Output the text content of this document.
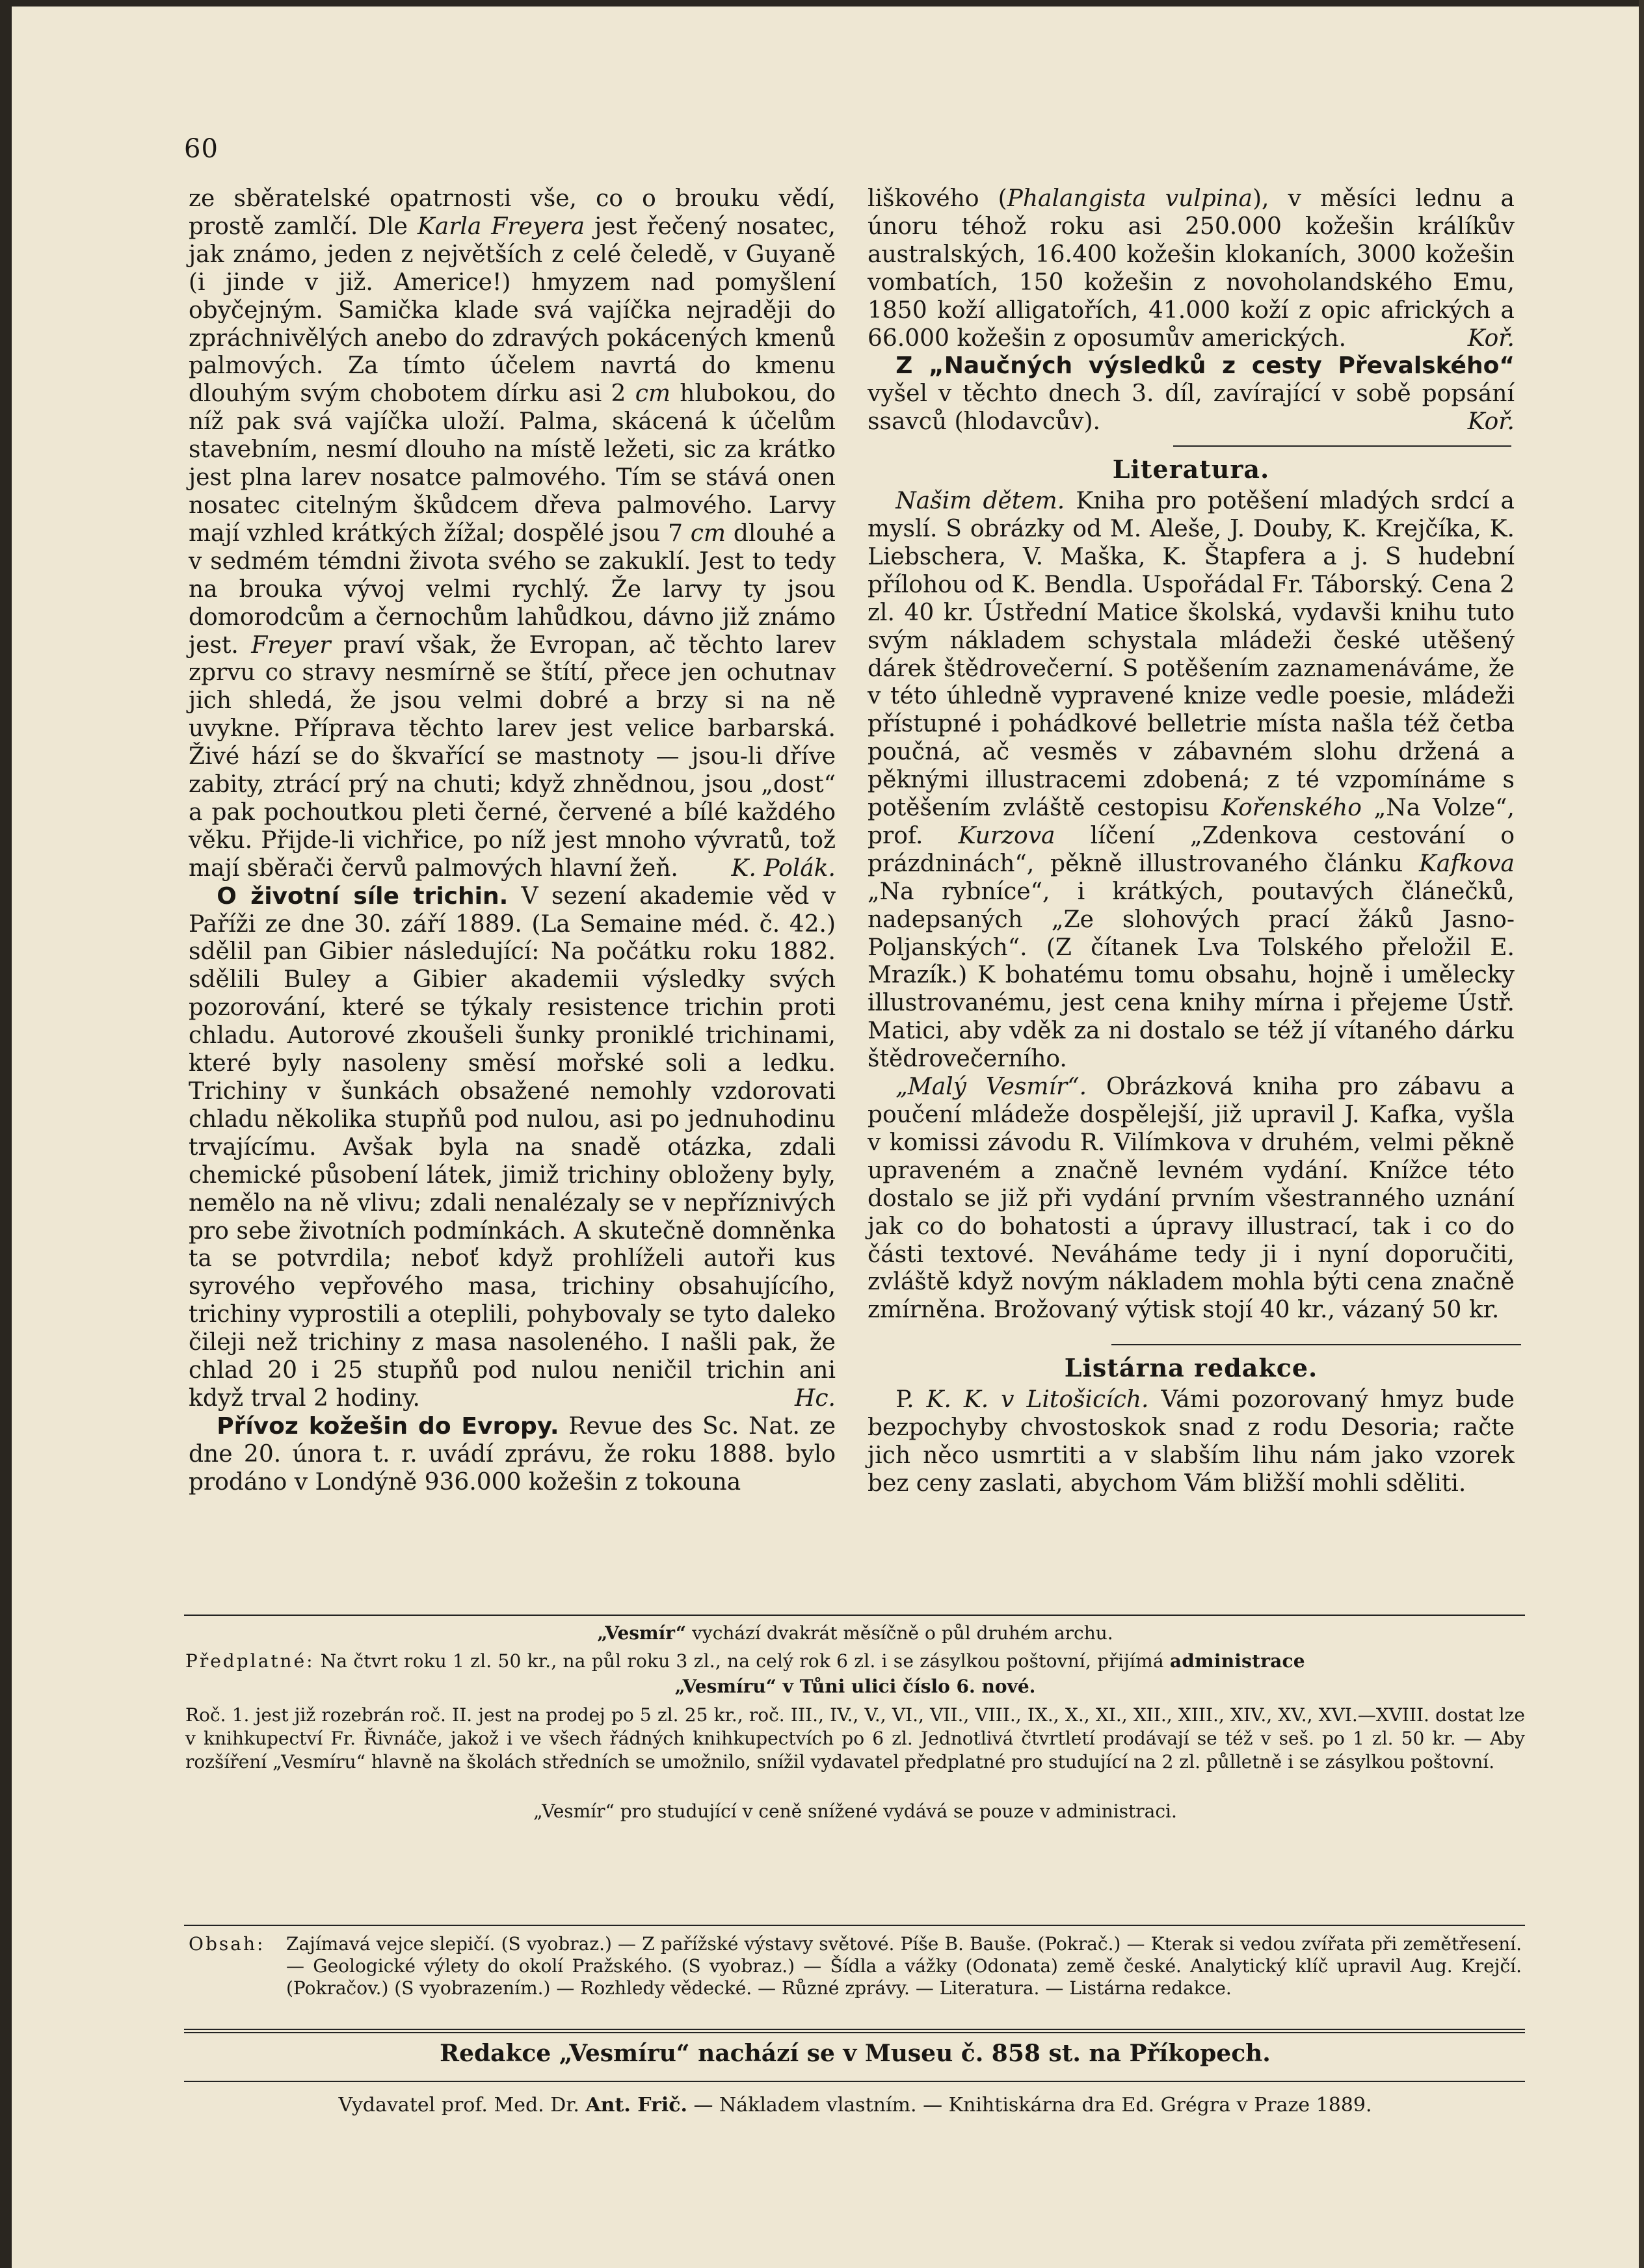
60

ze sběratelské opatrnosti vše, co o brouku vědí, prostě zamlčí. Dle Karla Freyera jest řečený nosatec, jak známo, jeden z největších z celé čeledě, v Guyaně (i jinde v již. Americe!) hmyzem nad pomyšlení obyčejným. Samička klade svá vajíčka nejraději do zpráchnivělých anebo do zdravých pokácených kmenů palmových. Za tímto účelem navrtá do kmenu dlouhým svým chobotem dírku asi 2 cm hlubokou, do níž pak svá vajíčka uloží. Palma, skácená k účelům stavebním, nesmí dlouho na místě ležeti, sic za krátko jest plna larev nosatce palmového. Tím se stává onen nosatec citelným škůdcem dřeva palmového. Larvy mají vzhled krátkých žížal; dospělé jsou 7 cm dlouhé a v sedmém témdni života svého se zakuklí. Jest to tedy na brouka vývoj velmi rychlý. Že larvy ty jsou domorodcům a černochům lahůdkou, dávno již známo jest. Freyer praví však, že Evropan, ač těchto larev zprvu co stravy nesmírně se štítí, přece jen ochutnav jich shledá, že jsou velmi dobré a brzy si na ně uvykne. Příprava těchto larev jest velice barbarská. Živé hází se do škvařící se mastnoty — jsou-li dříve zabity, ztrácí prý na chuti; když zhnědnou, jsou „dost“ a pak pochoutkou pleti černé, červené a bílé každého věku. Přijde-li vichřice, po níž jest mnoho vývratů, tož mají sběrači červů palmových hlavní žeň. K. Polák.

O životní síle trichin. V sezení akademie věd v Paříži ze dne 30. září 1889. (La Semaine méd. č. 42.) sdělil pan Gibier následující: Na počátku roku 1882. sdělili Buley a Gibier akademii výsledky svých pozorování, které se týkaly resistence trichin proti chladu. Autorové zkoušeli šunky proniklé trichinami, které byly nasoleny směsí mořské soli a ledku. Trichiny v šunkách obsažené nemohly vzdorovati chladu několika stupňů pod nulou, asi po jednuhodinu trvajícímu. Avšak byla na snadě otázka, zdali chemické působení látek, jimiž trichiny obloženy byly, nemělo na ně vlivu; zdali nenalézaly se v nepříznivých pro sebe životních podmínkách. A skutečně domněnka ta se potvrdila; neboť když prohlíželi autoři kus syrového vepřového masa, trichiny obsahujícího, trichiny vyprostili a oteplili, pohybovaly se tyto daleko čileji než trichiny z masa nasoleného. I našli pak, že chlad 20 i 25 stupňů pod nulou neničil trichin ani když trval 2 hodiny.	Hc.

Přívoz kožešin do Evropy. Revue des Sc. Nat. ze dne 20. února t. r. uvádí zprávu, že roku 1888. bylo prodáno v Londýně 936.000 kožešin z tokouna

liškového (Phalangista vulpina), v měsíci lednu a únoru téhož roku asi 250.000 kožešin králíkův australských, 16.400 kožešin klokaních, 3000 kožešin vombatích, 150 kožešin z novoholandského Emu, 1850 koží alligatořích, 41.000 koží z opic afrických a 66.000 kožešin z oposumův amerických.	Koř.

Z „Naučných výsledků z cesty Převalského“ vyšel v těchto dnech 3. díl, zavírající v sobě popsání ssavců (hlodavcův).	Koř.

Literatura.

Našim dětem. Kniha pro potěšení mladých srdcí a myslí. S obrázky od M. Aleše, J. Douby, K. Krejčíka, K. Liebschera, V. Maška, K. Štapfera a j. S hudební přílohou od K. Bendla. Uspořádal Fr. Táborský. Cena 2 zl. 40 kr. Ústřední Matice školská, vydavši knihu tuto svým nákladem schystala mládeži české utěšený dárek štědrovečerní. S potěšením zaznamenáváme, že v této úhledně vypravené knize vedle poesie, mládeži přístupné i pohádkové belletrie místa našla též četba poučná, ač vesměs v zábavném slohu držená a pěknými illustracemi zdobená; z té vzpomínáme s potěšením zvláště cestopisu Kořenského „Na Volze“, prof. Kurzova líčení „Zdenkova cestování o prázdninách“, pěkně illustrovaného článku Kafkova „Na rybníce“, i krátkých, poutavých článečků, nadepsaných „Ze slohových prací žáků Jasno-Poljanských“. (Z čítanek Lva Tolského přeložil E. Mrazík.) K bohatému tomu obsahu, hojně i umělecky illustrovanému, jest cena knihy mírna i přejeme Ústř. Matici, aby vděk za ni dostalo se též jí vítaného dárku štědrovečerního.

„Malý Vesmír“. Obrázková kniha pro zábavu a poučení mládeže dospělejší, již upravil J. Kafka, vyšla v komissi závodu R. Vilímkova v druhém, velmi pěkně upraveném a značně levném vydání. Knížce této dostalo se již při vydání prvním všestranného uznání jak co do bohatosti a úpravy illustrací, tak i co do části textové. Neváháme tedy ji i nyní doporučiti, zvláště když novým nákladem mohla býti cena značně zmírněna. Brožovaný výtisk stojí 40 kr., vázaný 50 kr.

Listárna redakce.

P. K. K. v Litošicích. Vámi pozorovaný hmyz bude bezpochyby chvostoskok snad z rodu Desoria; račte jich něco usmrtiti a v slabším lihu nám jako vzorek bez ceny zaslati, abychom Vám bližší mohli sděliti.

„Vesmír“ vychází dvakrát měsíčně o půl druhém archu.
Předplatné: Na čtvrt roku 1 zl. 50 kr., na půl roku 3 zl., na celý rok 6 zl. i se zásylkou poštovní, přijímá administrace
„Vesmíru“ v Tůni ulici číslo 6. nové.
Roč. 1. jest již rozebrán roč. II. jest na prodej po 5 zl. 25 kr., roč. III., IV., V., VI., VII., VIII., IX., X., XI., XII., XIII., XIV., XV., XVI.—XVIII. dostat lze v knihkupectví Fr. Řivnáče, jakož i ve všech řádných knihkupectvích po 6 zl. Jednotlivá čtvrtletí prodávají se též v seš. po 1 zl. 50 kr. — Aby rozšíření „Vesmíru“ hlavně na školách středních se umožnilo, snížil vydavatel předplatné pro studující na 2 zl. půlletně i se zásylkou poštovní.
„Vesmír“ pro studující v ceně snížené vydává se pouze v administraci.
Obsah: Zajímavá vejce slepičí. (S vyobraz.) — Z pařížské výstavy světové. Píše B. Bauše. (Pokrač.) — Kterak si vedou zvířata při zemětřesení. — Geologické výlety do okolí Pražského. (S vyobraz.) — Šídla a vážky (Odonata) země české. Analytický klíč upravil Aug. Krejčí. (Pokračov.) (S vyobrazením.) — Rozhledy vědecké. — Různé zprávy. — Literatura. — Listárna redakce.
Redakce „Vesmíru“ nachází se v Museu č. 858 st. na Příkopech.
Vydavatel prof. Med. Dr. Ant. Frič. — Nákladem vlastním. — Knihtiskárna dra Ed. Grégra v Praze 1889.
